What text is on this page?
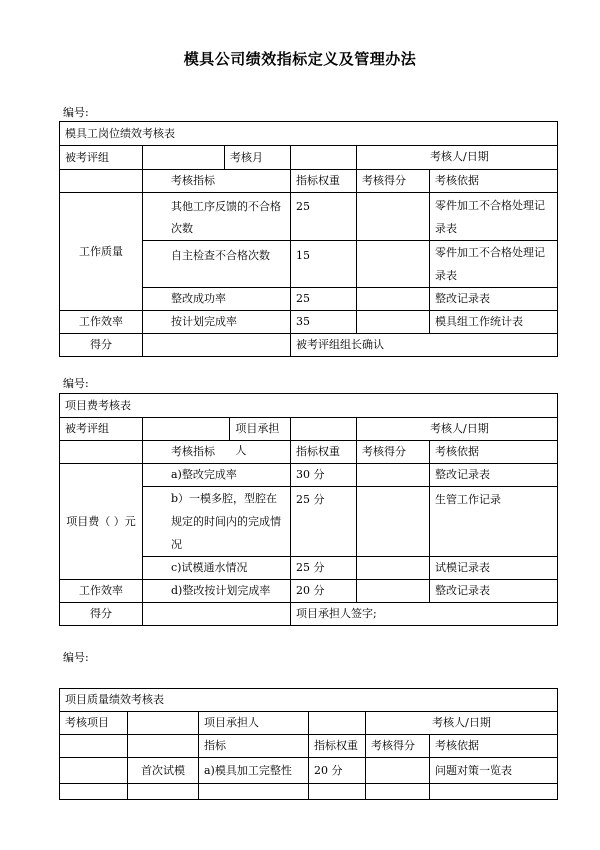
模具公司绩效指标定义及管理办法
编号:
模具工岗位绩效考核表					
被考评组		考核月		考核人/日期	

	考核指标		指标权重	考核得分	考核依据
工作质量	其他工序反馈的不合格次数		25		零件加工不合格处理记录表
	自主检查不合格次数		15		零件加工不合格处理记录表
	整改成功率		25		整改记录表
工作效率	按计划完成率		35		模具组工作统计表
得分			被考评组组长确认		
编号:
项目费考核表				
被考评组	项目承担人		考核人/日期	

	考核指标	指标权重	考核得分	考核依据
项目费（ ）元	a)整改完成率	30 分		整改记录表
	b）一模多腔，型腔在规定的时间内的完成情况	25 分		生管工作记录
	c)试模通水情况	25 分		试模记录表
工作效率	d)整改按计划完成率	20 分		整改记录表
得分		项目承担人签字;		
编号:
项目质量绩效考核表					
考核项目		项目承担人		考核人/日期	
		指标	指标权重	考核得分	考核依据
	首次试模	a)模具加工完整性	20 分		问题对策一览表
